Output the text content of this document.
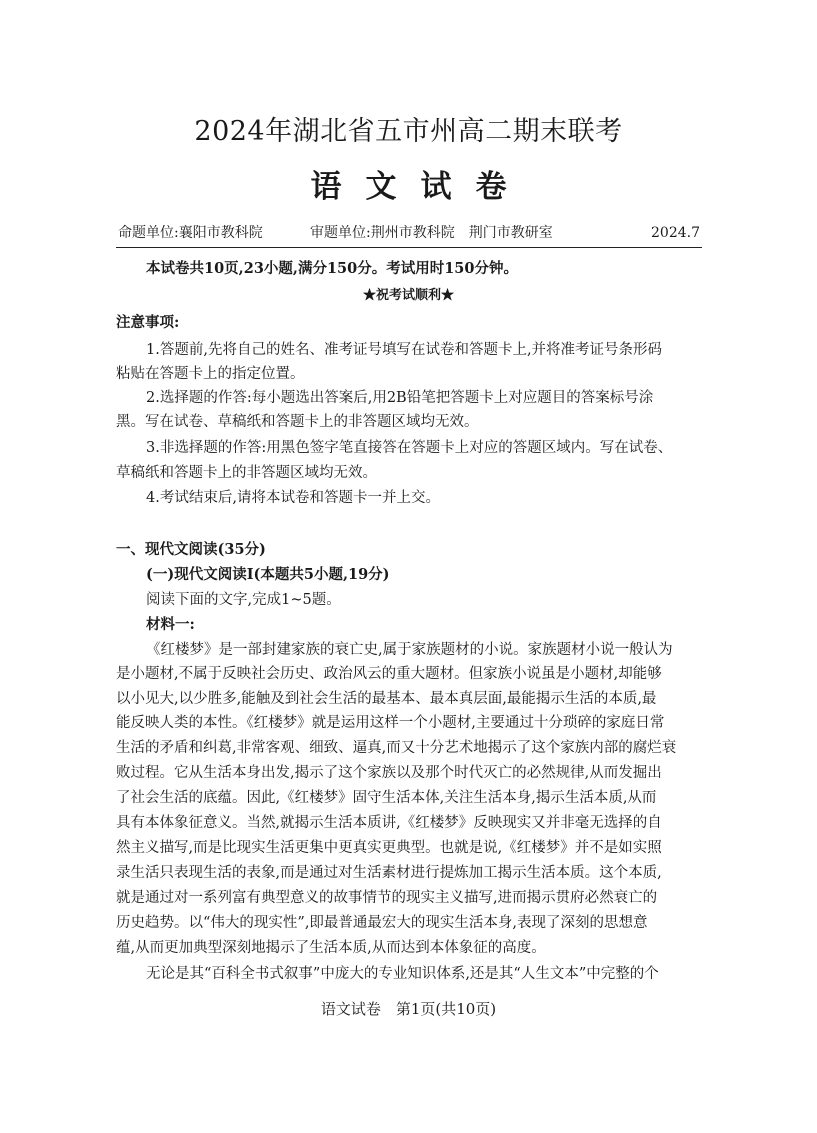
2024年湖北省五市州高二期末联考
语文试卷
命题单位:襄阳市教科院	审题单位:荆州市教科院　荆门市教研室	2024.7
本试卷共10页,23小题,满分150分。考试用时150分钟。
★祝考试顺利★
注意事项:
1.答题前,先将自己的姓名、准考证号填写在试卷和答题卡上,并将准考证号条形码
粘贴在答题卡上的指定位置。
2.选择题的作答:每小题选出答案后,用2B铅笔把答题卡上对应题目的答案标号涂
黑。写在试卷、草稿纸和答题卡上的非答题区域均无效。
3.非选择题的作答:用黑色签字笔直接答在答题卡上对应的答题区域内。写在试卷、
草稿纸和答题卡上的非答题区域均无效。
4.考试结束后,请将本试卷和答题卡一并上交。
一、现代文阅读(35分)
(一)现代文阅读Ⅰ(本题共5小题,19分)
阅读下面的文字,完成1~5题。
材料一:
《红楼梦》是一部封建家族的衰亡史,属于家族题材的小说。家族题材小说一般认为
是小题材,不属于反映社会历史、政治风云的重大题材。但家族小说虽是小题材,却能够
以小见大,以少胜多,能触及到社会生活的最基本、最本真层面,最能揭示生活的本质,最
能反映人类的本性。《红楼梦》就是运用这样一个小题材,主要通过十分琐碎的家庭日常
生活的矛盾和纠葛,非常客观、细致、逼真,而又十分艺术地揭示了这个家族内部的腐烂衰
败过程。它从生活本身出发,揭示了这个家族以及那个时代灭亡的必然规律,从而发掘出
了社会生活的底蕴。因此,《红楼梦》固守生活本体,关注生活本身,揭示生活本质,从而
具有本体象征意义。当然,就揭示生活本质讲,《红楼梦》反映现实又并非毫无选择的自
然主义描写,而是比现实生活更集中更真实更典型。也就是说,《红楼梦》并不是如实照
录生活只表现生活的表象,而是通过对生活素材进行提炼加工揭示生活本质。这个本质,
就是通过对一系列富有典型意义的故事情节的现实主义描写,进而揭示贯府必然衰亡的
历史趋势。以“伟大的现实性”,即最普通最宏大的现实生活本身,表现了深刻的思想意
蕴,从而更加典型深刻地揭示了生活本质,从而达到本体象征的高度。
无论是其“百科全书式叙事”中庞大的专业知识体系,还是其“人生文本”中完整的个
语文试卷　第1页(共10页)
